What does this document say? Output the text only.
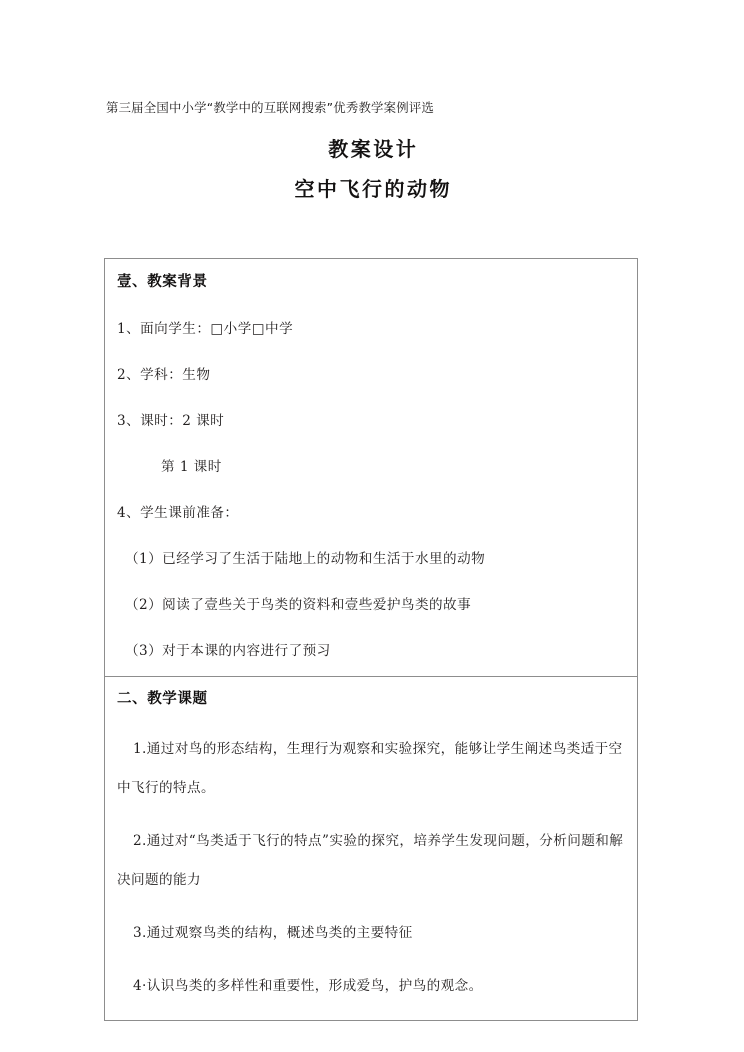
第三届全国中小学“教学中的互联网搜索”优秀教学案例评选
教案设计
空中飞行的动物

壹、教案背景

1、面向学生：□小学□中学

2、学科：生物

3、课时：2 课时

第 1 课时

4、学生课前准备：

（1）已经学习了生活于陆地上的动物和生活于水里的动物

（2）阅读了壹些关于鸟类的资料和壹些爱护鸟类的故事

（3）对于本课的内容进行了预习

二、教学课题

1.通过对鸟的形态结构，生理行为观察和实验探究，能够让学生阐述鸟类适于空中飞行的特点。

2.通过对“鸟类适于飞行的特点”实验的探究，培养学生发现问题，分析问题和解决问题的能力

3.通过观察鸟类的结构，概述鸟类的主要特征

4·认识鸟类的多样性和重要性，形成爱鸟，护鸟的观念。
